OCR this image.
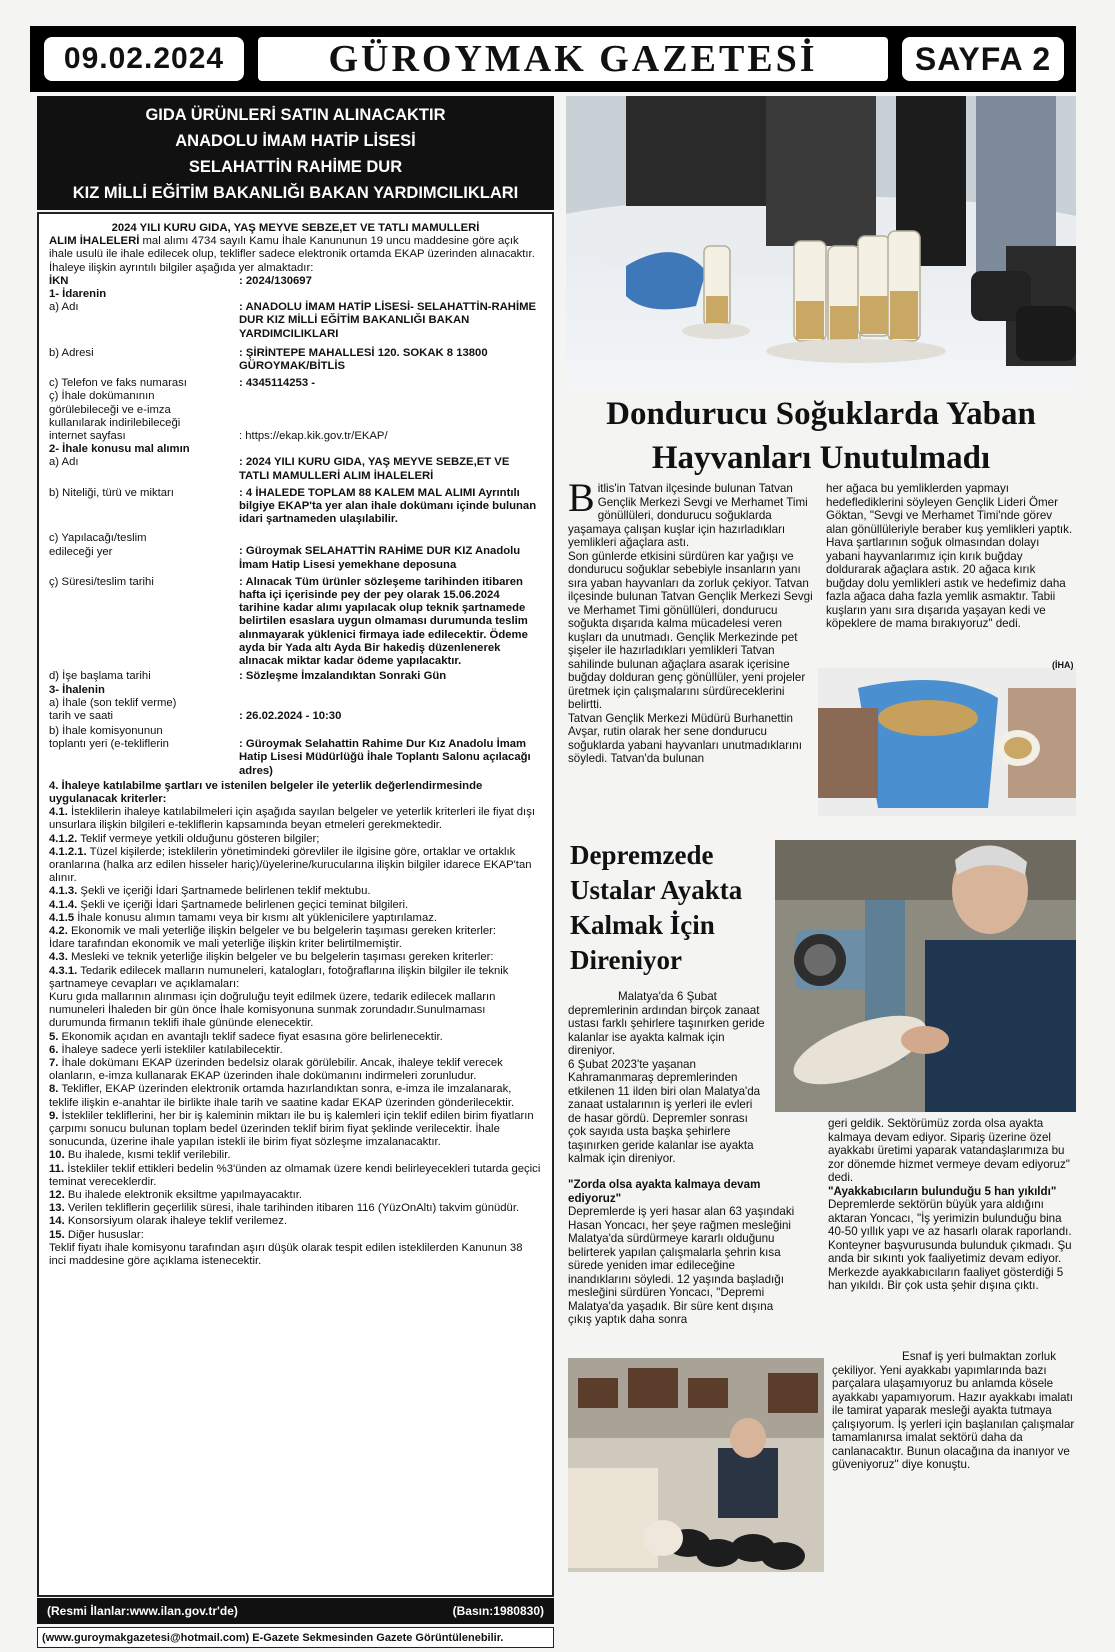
09.02.2024	GÜROYMAK GAZETESİ	SAYFA 2
GIDA ÜRÜNLERİ SATIN ALINACAKTIR
ANADOLU İMAM HATİP LİSESİ
SELAHATTİN RAHİME DUR
KIZ MİLLİ EĞİTİM BAKANLIĞI BAKAN YARDIMCILIKLARI

2024 YILI KURU GIDA, YAŞ MEYVE SEBZE,ET VE TATLI MAMULLERİ

ALIM İHALELERİ mal alımı 4734 sayılı Kamu İhale Kanununun 19 uncu maddesine göre açık ihale usulü ile ihale edilecek olup, teklifler sadece elektronik ortamda EKAP üzerinden alınacaktır.

İhaleye ilişkin ayrıntılı bilgiler aşağıda yer almaktadır:

İKN	: 2024/130697

1- İdarenin

a) Adı	: ANADOLU İMAM HATİP LİSESİ- SELAHATTİN-RAHİME DUR KIZ MİLLİ EĞİTİM BAKANLIĞI BAKAN YARDIMCILIKLARI
b) Adresi	: ŞİRİNTEPE MAHALLESİ 120. SOKAK 8 13800 GÜROYMAK/BİTLİS
c) Telefon ve faks numarası	: 4345114253 -
ç) İhale dokümanının görülebileceği ve e-imza kullanılarak indirilebileceği internet sayfası	: https://ekap.kik.gov.tr/EKAP/

2- İhale konusu mal alımın

a) Adı	: 2024 YILI KURU GIDA, YAŞ MEYVE SEBZE,ET VE TATLI MAMULLERİ ALIM İHALELERİ
b) Niteliği, türü ve miktarı	: 4 İHALEDE TOPLAM 88 KALEM MAL ALIMI Ayrıntılı bilgiye EKAP'ta yer alan ihale dokümanı içinde bulunan idari şartnameden ulaşılabilir.
c) Yapılacağı/teslim edileceği yer	: Güroymak SELAHATTİN RAHİME DUR KIZ Anadolu İmam Hatip Lisesi yemekhane deposuna
ç) Süresi/teslim tarihi	: Alınacak Tüm ürünler sözleşeme tarihinden itibaren hafta içi içerisinde pey der pey olarak 15.06.2024 tarihine kadar alımı yapılacak olup teknik şartnamede belirtilen esaslara uygun olmaması durumunda teslim alınmayarak yüklenici firmaya iade edilecektir. Ödeme ayda bir Yada altı Ayda Bir hakediş düzenlenerek alınacak miktar kadar ödeme yapılacaktır.
d) İşe başlama tarihi	: Sözleşme İmzalandıktan Sonraki Gün

3- İhalenin

a) İhale (son teklif verme) tarih ve saati	: 26.02.2024 - 10:30
b) İhale komisyonunun toplantı yeri (e-tekliflerin	: Güroymak Selahattin Rahime Dur Kız Anadolu İmam Hatip Lisesi Müdürlüğü İhale Toplantı Salonu açılacağı adres)

4. İhaleye katılabilme şartları ve istenilen belgeler ile yeterlik değerlendirmesinde uygulanacak kriterler:

4.1. İsteklilerin ihaleye katılabilmeleri için aşağıda sayılan belgeler ve yeterlik kriterleri ile fiyat dışı unsurlara ilişkin bilgileri e-tekliflerin kapsamında beyan etmeleri gerekmektedir.

4.1.2. Teklif vermeye yetkili olduğunu gösteren bilgiler;

4.1.2.1. Tüzel kişilerde; isteklilerin yönetimindeki görevliler ile ilgisine göre, ortaklar ve ortaklık oranlarına (halka arz edilen hisseler hariç)/üyelerine/kurucularına ilişkin bilgiler idarece EKAP'tan alınır.

4.1.3. Şekli ve içeriği İdari Şartnamede belirlenen teklif mektubu.

4.1.4. Şekli ve içeriği İdari Şartnamede belirlenen geçici teminat bilgileri.

4.1.5 İhale konusu alımın tamamı veya bir kısmı alt yüklenicilere yaptırılamaz.

4.2. Ekonomik ve mali yeterliğe ilişkin belgeler ve bu belgelerin taşıması gereken kriterler:

İdare tarafından ekonomik ve mali yeterliğe ilişkin kriter belirtilmemiştir.

4.3. Mesleki ve teknik yeterliğe ilişkin belgeler ve bu belgelerin taşıması gereken kriterler:

4.3.1. Tedarik edilecek malların numuneleri, katalogları, fotoğraflarına ilişkin bilgiler ile teknik şartnameye cevapları ve açıklamaları:

Kuru gıda mallarının alınması için doğruluğu teyit edilmek üzere, tedarik edilecek malların numuneleri İhaleden bir gün önce İhale komisyonuna sunmak zorundadır.Sunulmaması durumunda firmanın teklifi ihale gününde elenecektir.

5. Ekonomik açıdan en avantajlı teklif sadece fiyat esasına göre belirlenecektir.

6. İhaleye sadece yerli istekliler katılabilecektir.

7. İhale dokümanı EKAP üzerinden bedelsiz olarak görülebilir. Ancak, ihaleye teklif verecek olanların, e-imza kullanarak EKAP üzerinden ihale dokümanını indirmeleri zorunludur.

8. Teklifler, EKAP üzerinden elektronik ortamda hazırlandıktan sonra, e-imza ile imzalanarak, teklife ilişkin e-anahtar ile birlikte ihale tarih ve saatine kadar EKAP üzerinden gönderilecektir.

9. İstekliler tekliflerini, her bir iş kaleminin miktarı ile bu iş kalemleri için teklif edilen birim fiyatların çarpımı sonucu bulunan toplam bedel üzerinden teklif birim fiyat şeklinde verilecektir. İhale sonucunda, üzerine ihale yapılan istekli ile birim fiyat sözleşme imzalanacaktır.

10. Bu ihalede, kısmi teklif verilebilir.

11. İstekliler teklif ettikleri bedelin %3'ünden az olmamak üzere kendi belirleyecekleri tutarda geçici teminat vereceklerdir.

12. Bu ihalede elektronik eksiltme yapılmayacaktır.

13. Verilen tekliflerin geçerlilik süresi, ihale tarihinden itibaren 116 (YüzOnAltı) takvim günüdür.

14. Konsorsiyum olarak ihaleye teklif verilemez.

15. Diğer hususlar:

Teklif fiyatı ihale komisyonu tarafından aşırı düşük olarak tespit edilen isteklilerden Kanunun 38 inci maddesine göre açıklama istenecektir.

(Resmi İlanlar:www.ilan.gov.tr'de)	(Basın:1980830)
(www.guroymakgazetesi@hotmail.com) E-Gazete Sekmesinden Gazete Görüntülenebilir.
Dondurucu Soğuklarda Yaban
Hayvanları Unutulmadı
Bitlis'in Tatvan ilçesinde bulunan Tatvan Gençlik Merkezi Sevgi ve Merhamet Timi gönüllüleri, dondurucu soğuklarda yaşamaya çalışan kuşlar için hazırladıkları yemlikleri ağaçlara astı.

Son günlerde etkisini sürdüren kar yağışı ve dondurucu soğuklar sebebiyle insanların yanı sıra yaban hayvanları da zorluk çekiyor. Tatvan ilçesinde bulunan Tatvan Gençlik Merkezi Sevgi ve Merhamet Timi gönüllüleri, dondurucu soğukta dışarıda kalma mücadelesi veren kuşları da unutmadı. Gençlik Merkezinde pet şişeler ile hazırladıkları yemlikleri Tatvan sahilinde bulunan ağaçlara asarak içerisine buğday dolduran genç gönüllüler, yeni projeler üretmek için çalışmalarını sürdüreceklerini belirtti.

Tatvan Gençlik Merkezi Müdürü Burhanettin Avşar, rutin olarak her sene dondurucu soğuklarda yabani hayvanları unutmadıklarını söyledi. Tatvan'da bulunan

her ağaca bu yemliklerden yapmayı hedeflediklerini söyleyen Gençlik Lideri Ömer Göktan, "Sevgi ve Merhamet Timi'nde görev alan gönüllüleriyle beraber kuş yemlikleri yaptık. Hava şartlarının soğuk olmasından dolayı yabani hayvanlarımız için kırık buğday doldurarak ağaçlara astık. 20 ağaca kırık buğday dolu yemlikleri astık ve hedefimiz daha fazla ağaca daha fazla yemlik asmaktır. Tabii kuşların yanı sıra dışarıda yaşayan kedi ve köpeklere de mama bırakıyoruz" dedi.

(İHA)
Depremzede
Ustalar Ayakta
Kalmak İçin
Direniyor

Malatya'da 6 Şubat depremlerinin ardından birçok zanaat ustası farklı şehirlere taşınırken geride kalanlar ise ayakta kalmak için direniyor.

6 Şubat 2023'te yaşanan Kahramanmaraş depremlerinden etkilenen 11 ilden biri olan Malatya'da zanaat ustalarının iş yerleri ile evleri de hasar gördü. Depremler sonrası çok sayıda usta başka şehirlere taşınırken geride kalanlar ise ayakta kalmak için direniyor.

"Zorda olsa ayakta kalmaya devam ediyoruz"

Depremlerde iş yeri hasar alan 63 yaşındaki Hasan Yoncacı, her şeye rağmen mesleğini Malatya'da sürdürmeye kararlı olduğunu belirterek yapılan çalışmalarla şehrin kısa sürede yeniden imar edileceğine inandıklarını söyledi. 12 yaşında başladığı mesleğini sürdüren Yoncacı, "Depremi Malatya'da yaşadık. Bir süre kent dışına çıkış yaptık daha sonra

geri geldik. Sektörümüz zorda olsa ayakta kalmaya devam ediyor. Sipariş üzerine özel ayakkabı üretimi yaparak vatandaşlarımıza bu zor dönemde hizmet vermeye devam ediyoruz" dedi.

"Ayakkabıcıların bulunduğu 5 han yıkıldı"

Depremlerde sektörün büyük yara aldığını aktaran Yoncacı, "İş yerimizin bulunduğu bina 40-50 yıllık yapı ve az hasarlı olarak raporlandı. Konteyner başvurusunda bulunduk çıkmadı. Şu anda bir sıkıntı yok faaliyetimiz devam ediyor. Merkezde ayakkabıcıların faaliyet gösterdiği 5 han yıkıldı. Bir çok usta şehir dışına çıktı.

Esnaf iş yeri bulmaktan zorluk çekiliyor. Yeni ayakkabı yapımlarında bazı parçalara ulaşamıyoruz bu anlamda kösele ayakkabı yapamıyorum. Hazır ayakkabı imalatı ile tamirat yaparak mesleği ayakta tutmaya çalışıyorum. İş yerleri için başlanılan çalışmalar tamamlanırsa imalat sektörü daha da canlanacaktır. Bunun olacağına da inanıyor ve güveniyoruz" diye konuştu.
